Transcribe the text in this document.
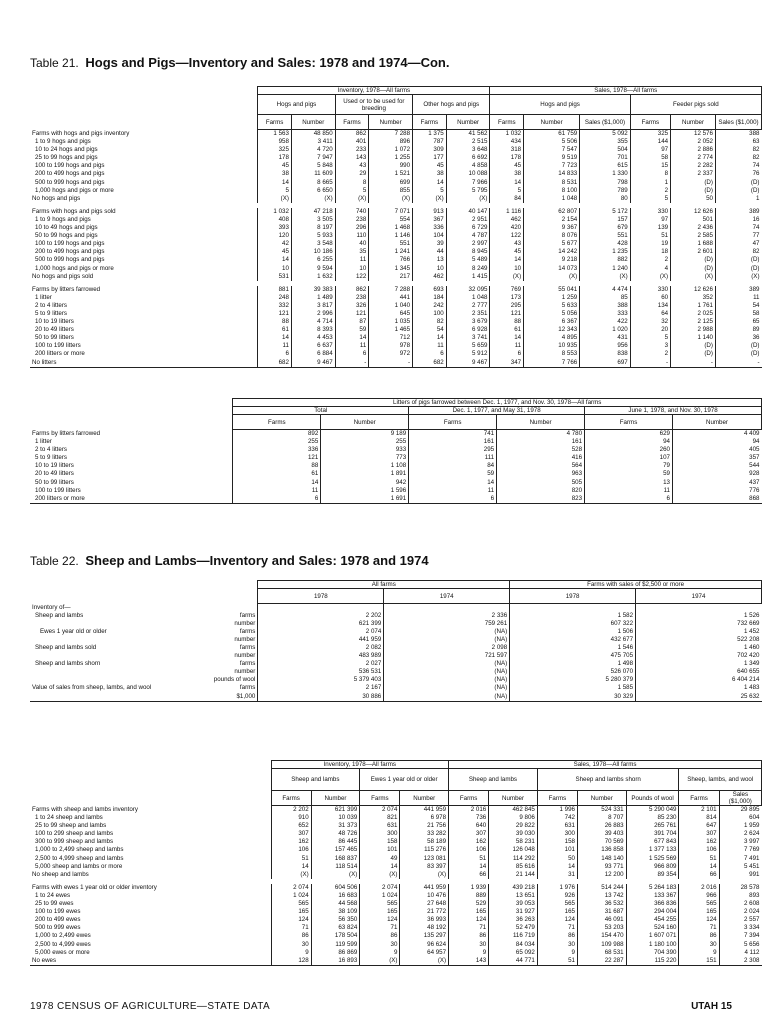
Table 21. Hogs and Pigs—Inventory and Sales: 1978 and 1974—Con.
	Inventory, 1978—All farms						Sales, 1978—All farms					
	Hogs and pigs		Used or to be used for breeding		Other hogs and pigs		Hogs and pigs			Feeder pigs sold		
	Farms	Number	Farms	Number	Farms	Number	Farms	Number	Sales ($1,000)	Farms	Number	Sales ($1,000)
Farms with hogs and pigs inventory	1 563	48 850	862	7 288	1 375	41 562	1 032	61 759	5 092	325	12 576	388
1 to 9 hogs and pigs	958	3 411	401	896	787	2 515	434	5 506	355	144	2 052	63
10 to 24 hogs and pigs	325	4 720	233	1 072	309	3 648	318	7 547	504	97	2 886	82
25 to 99 hogs and pigs	178	7 947	143	1 255	177	6 692	178	9 519	701	58	2 774	82
100 to 199 hogs and pigs	45	5 848	43	990	45	4 858	45	7 723	615	15	2 282	74
200 to 499 hogs and pigs	38	11 609	29	1 521	38	10 088	38	14 833	1 330	8	2 337	76
500 to 999 hogs and pigs	14	8 665	8	699	14	7 966	14	8 531	798	1	(D)	(D)
1,000 hogs and pigs or more	5	6 650	5	855	5	5 795	5	8 100	789	2	(D)	(D)
No hogs and pigs	(X)	(X)	(X)	(X)	(X)	(X)	84	1 048	80	5	50	1

Farms with hogs and pigs sold	1 032	47 218	740	7 071	913	40 147	1 116	62 807	5 172	330	12 626	389
1 to 9 hogs and pigs	408	3 505	238	554	367	2 951	462	2 154	157	97	501	16
10 to 49 hogs and pigs	393	8 197	296	1 468	336	6 729	420	9 367	679	139	2 436	74
50 to 99 hogs and pigs	120	5 933	110	1 146	104	4 787	122	8 076	551	51	2 585	77
100 to 199 hogs and pigs	42	3 548	40	551	39	2 997	43	5 677	428	19	1 688	47
200 to 499 hogs and pigs	45	10 186	35	1 241	44	8 945	45	14 242	1 235	18	2 601	82
500 to 999 hogs and pigs	14	6 255	11	766	13	5 489	14	9 218	882	2	(D)	(D)
1,000 hogs and pigs or more	10	9 594	10	1 345	10	8 249	10	14 073	1 240	4	(D)	(D)
No hogs and pigs sold	531	1 632	122	217	462	1 415	(X)	(X)	(X)	(X)	(X)	(X)

Farms by litters farrowed	881	39 383	862	7 288	693	32 095	769	55 041	4 474	330	12 626	389
1 litter	248	1 489	238	441	184	1 048	173	1 259	85	60	352	11
2 to 4 litters	332	3 817	326	1 040	242	2 777	295	5 633	388	134	1 761	54
5 to 9 litters	121	2 996	121	645	100	2 351	121	5 056	333	64	2 025	58
10 to 19 litters	88	4 714	87	1 035	82	3 679	88	6 367	422	32	2 125	65
20 to 49 litters	61	8 393	59	1 465	54	6 928	61	12 343	1 020	20	2 988	89
50 to 99 litters	14	4 453	14	712	14	3 741	14	4 895	431	5	1 140	36
100 to 199 litters	11	6 637	11	978	11	5 659	11	10 935	956	3	(D)	(D)
200 litters or more	6	6 884	6	972	6	5 912	6	8 553	838	2	(D)	(D)
No litters	682	9 467	-	-	682	9 467	347	7 766	697	-	-	-
	Litters of pigs farrowed between Dec. 1, 1977, and Nov. 30, 1978—All farms					
	Total		Dec. 1, 1977, and May 31, 1978		June 1, 1978, and Nov. 30, 1978	
	Farms	Number	Farms	Number	Farms	Number
Farms by litters farrowed	892	9 189	741	4 780	629	4 409
1 litter	255	255	161	161	94	94
2 to 4 litters	336	933	295	528	260	405
5 to 9 litters	121	773	111	416	107	357
10 to 19 litters	88	1 108	84	564	79	544
20 to 49 litters	61	1 891	59	963	59	928
50 to 99 litters	14	942	14	505	13	437
100 to 199 litters	11	1 596	11	820	11	776
200 litters or more	6	1 691	6	823	6	868
Table 22. Sheep and Lambs—Inventory and Sales: 1978 and 1974
	All farms		Farms with sales of $2,500 or more	
	1978	1974	1978	1974
Inventory of—

Sheep and lambs farms	2 202	2 336	1 582	1 526

number	621 399	759 261	607 322	732 669
Ewes 1 year old or older farms	2 074	(NA)	1 506	1 452

number	441 959	(NA)	432 677	522 208
Sheep and lambs sold farms	2 082	2 098	1 546	1 460

number	483 989	721 597	475 705	702 420
Sheep and lambs shorn farms	2 027	(NA)	1 498	1 349

number	536 531	(NA)	526 070	640 655

pounds of wool	5 379 403	(NA)	5 280 379	6 404 214
Value of sales from sheep, lambs, and wool farms	2 167	(NA)	1 585	1 483

$1,000	30 886	(NA)	30 329	25 632
	Inventory, 1978—All farms				Sales, 1978—All farms						
	Sheep and lambs		Ewes 1 year old or older		Sheep and lambs		Sheep and lambs shorn			Sheep, lambs, and wool	
	Farms	Number	Farms	Number	Farms	Number	Farms	Number	Pounds of wool	Farms	Sales ($1,000)
Farms with sheep and lambs inventory	2 202	621 399	2 074	441 959	2 016	462 845	1 996	524 331	5 290 049	2 101	29 895
1 to 24 sheep and lambs	910	10 039	821	6 978	736	9 806	742	8 707	85 230	814	604
25 to 99 sheep and lambs	652	31 373	631	21 756	640	29 822	631	26 883	265 761	647	1 959
100 to 299 sheep and lambs	307	48 726	300	33 282	307	39 030	300	39 403	391 704	307	2 624
300 to 999 sheep and lambs	162	86 445	158	58 189	162	58 231	158	70 569	677 843	162	3 997
1,000 to 2,499 sheep and lambs	106	157 465	101	115 276	106	126 048	101	136 858	1 377 133	106	7 769
2,500 to 4,999 sheep and lambs	51	168 837	49	123 081	51	114 292	50	148 140	1 525 569	51	7 491
5,000 sheep and lambs or more	14	118 514	14	83 397	14	85 616	14	93 771	966 809	14	5 451
No sheep and lambs	(X)	(X)	(X)	(X)	66	21 144	31	12 200	89 354	66	991

Farms with ewes 1 year old or older inventory	2 074	604 506	2 074	441 959	1 939	439 218	1 976	514 244	5 264 183	2 016	28 578
1 to 24 ewes	1 024	16 683	1 024	10 476	889	13 651	926	13 742	133 367	966	893
25 to 99 ewes	565	44 568	565	27 648	529	39 053	565	36 532	366 836	565	2 608
100 to 199 ewes	165	38 109	165	21 772	165	31 927	165	31 687	294 004	165	2 024
200 to 499 ewes	124	56 350	124	36 993	124	36 263	124	46 091	454 255	124	2 557
500 to 999 ewes	71	63 824	71	48 192	71	52 479	71	53 203	524 160	71	3 334
1,000 to 2,499 ewes	86	178 504	86	135 297	86	116 719	86	154 470	1 607 071	86	7 394
2,500 to 4,999 ewes	30	119 599	30	96 624	30	84 034	30	109 988	1 180 100	30	5 656
5,000 ewes or more	9	86 869	9	64 957	9	65 092	9	68 531	704 390	9	4 112
No ewes	128	16 893	(X)	(X)	143	44 771	51	22 287	115 220	151	2 308
1978 CENSUS OF AGRICULTURE—STATE DATA	UTAH 15
